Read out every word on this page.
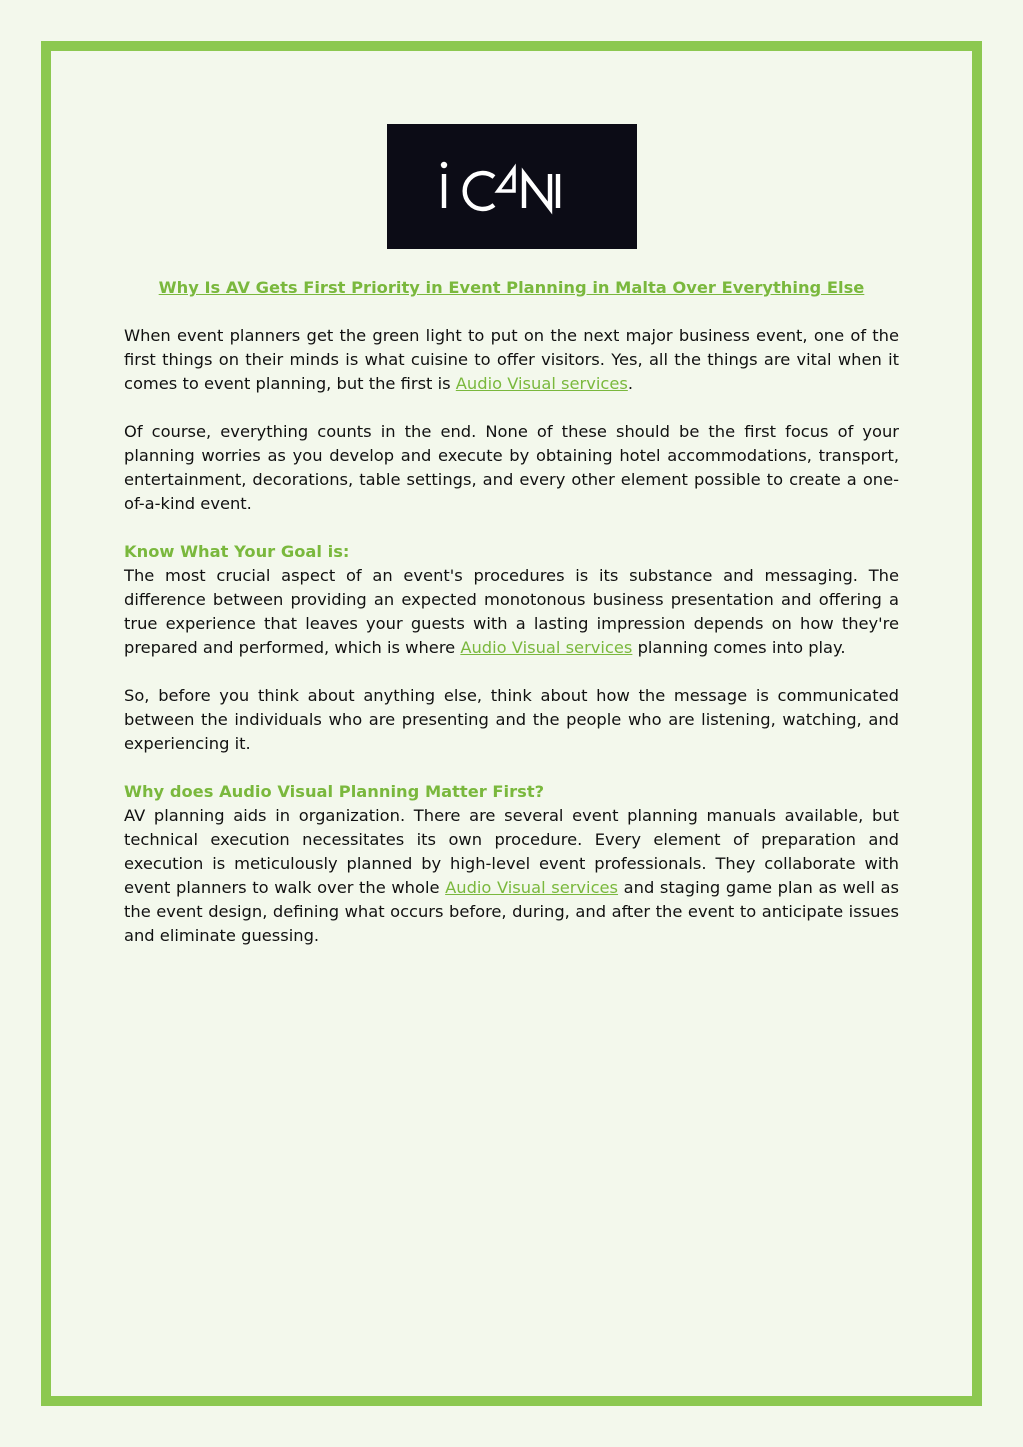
Why Is AV Gets First Priority in Event Planning in Malta Over Everything Else

When event planners get the green light to put on the next major business event, one of the first things on their minds is what cuisine to offer visitors. Yes, all the things are vital when it comes to event planning, but the first is Audio Visual services.

Of course, everything counts in the end. None of these should be the first focus of your planning worries as you develop and execute by obtaining hotel accommodations, transport, entertainment, decorations, table settings, and every other element possible to create a one-of-a-kind event.

Know What Your Goal is:

The most crucial aspect of an event's procedures is its substance and messaging. The difference between providing an expected monotonous business presentation and offering a true experience that leaves your guests with a lasting impression depends on how they're prepared and performed, which is where Audio Visual services planning comes into play.

So, before you think about anything else, think about how the message is communicated between the individuals who are presenting and the people who are listening, watching, and experiencing it.

Why does Audio Visual Planning Matter First?

AV planning aids in organization. There are several event planning manuals available, but technical execution necessitates its own procedure. Every element of preparation and execution is meticulously planned by high-level event professionals. They collaborate with event planners to walk over the whole Audio Visual services and staging game plan as well as the event design, defining what occurs before, during, and after the event to anticipate issues and eliminate guessing.
